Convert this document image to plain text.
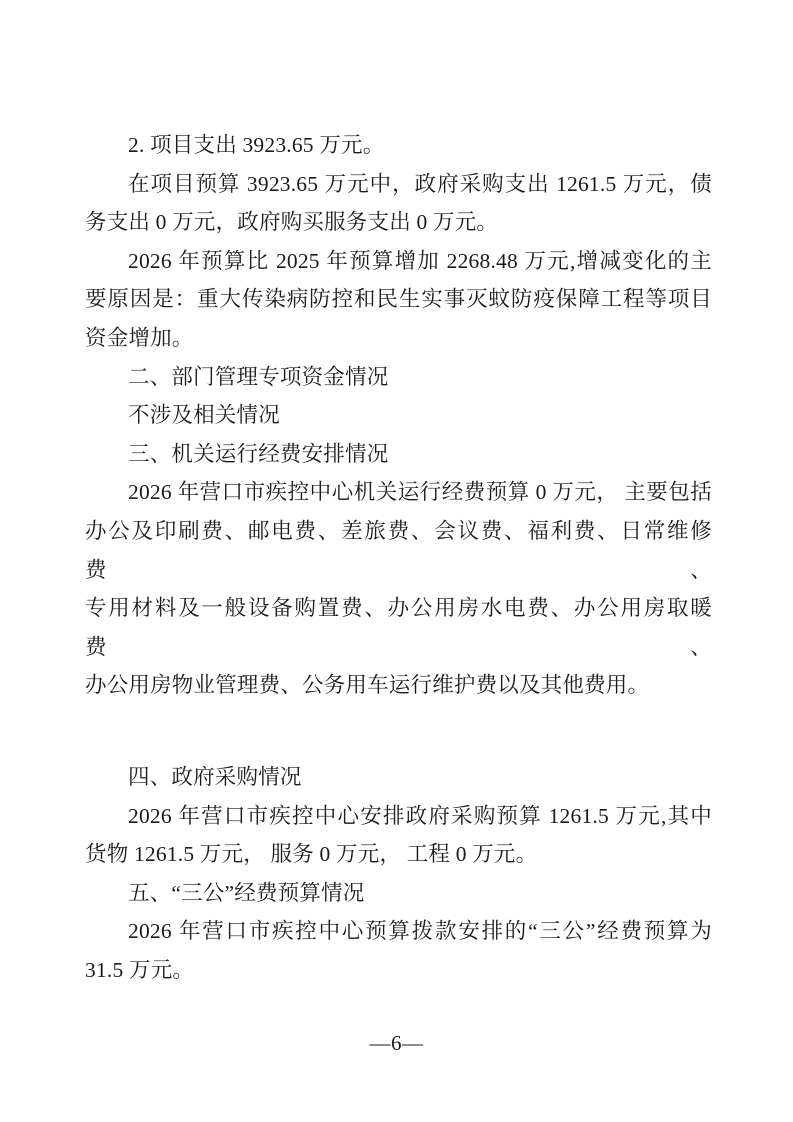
2. 项目支出 3923.65 万元。
在项目预算 3923.65 万元中，政府采购支出 1261.5 万元，债
务支出 0 万元，政府购买服务支出 0 万元。
2026 年预算比 2025 年预算增加 2268.48 万元,增减变化的主
要原因是：重大传染病防控和民生实事灭蚊防疫保障工程等项目
资金增加。
二、部门管理专项资金情况
不涉及相关情况
三、机关运行经费安排情况
2026 年营口市疾控中心机关运行经费预算 0 万元， 主要包括
办公及印刷费、邮电费、差旅费、会议费、福利费、日常维修费、
专用材料及一般设备购置费、办公用房水电费、办公用房取暖费、
办公用房物业管理费、公务用车运行维护费以及其他费用。
四、政府采购情况
2026 年营口市疾控中心安排政府采购预算 1261.5 万元,其中
货物 1261.5 万元， 服务 0 万元， 工程 0 万元。
五、“三公”经费预算情况
2026 年营口市疾控中心预算拨款安排的“三公”经费预算为
31.5 万元。
—6—
